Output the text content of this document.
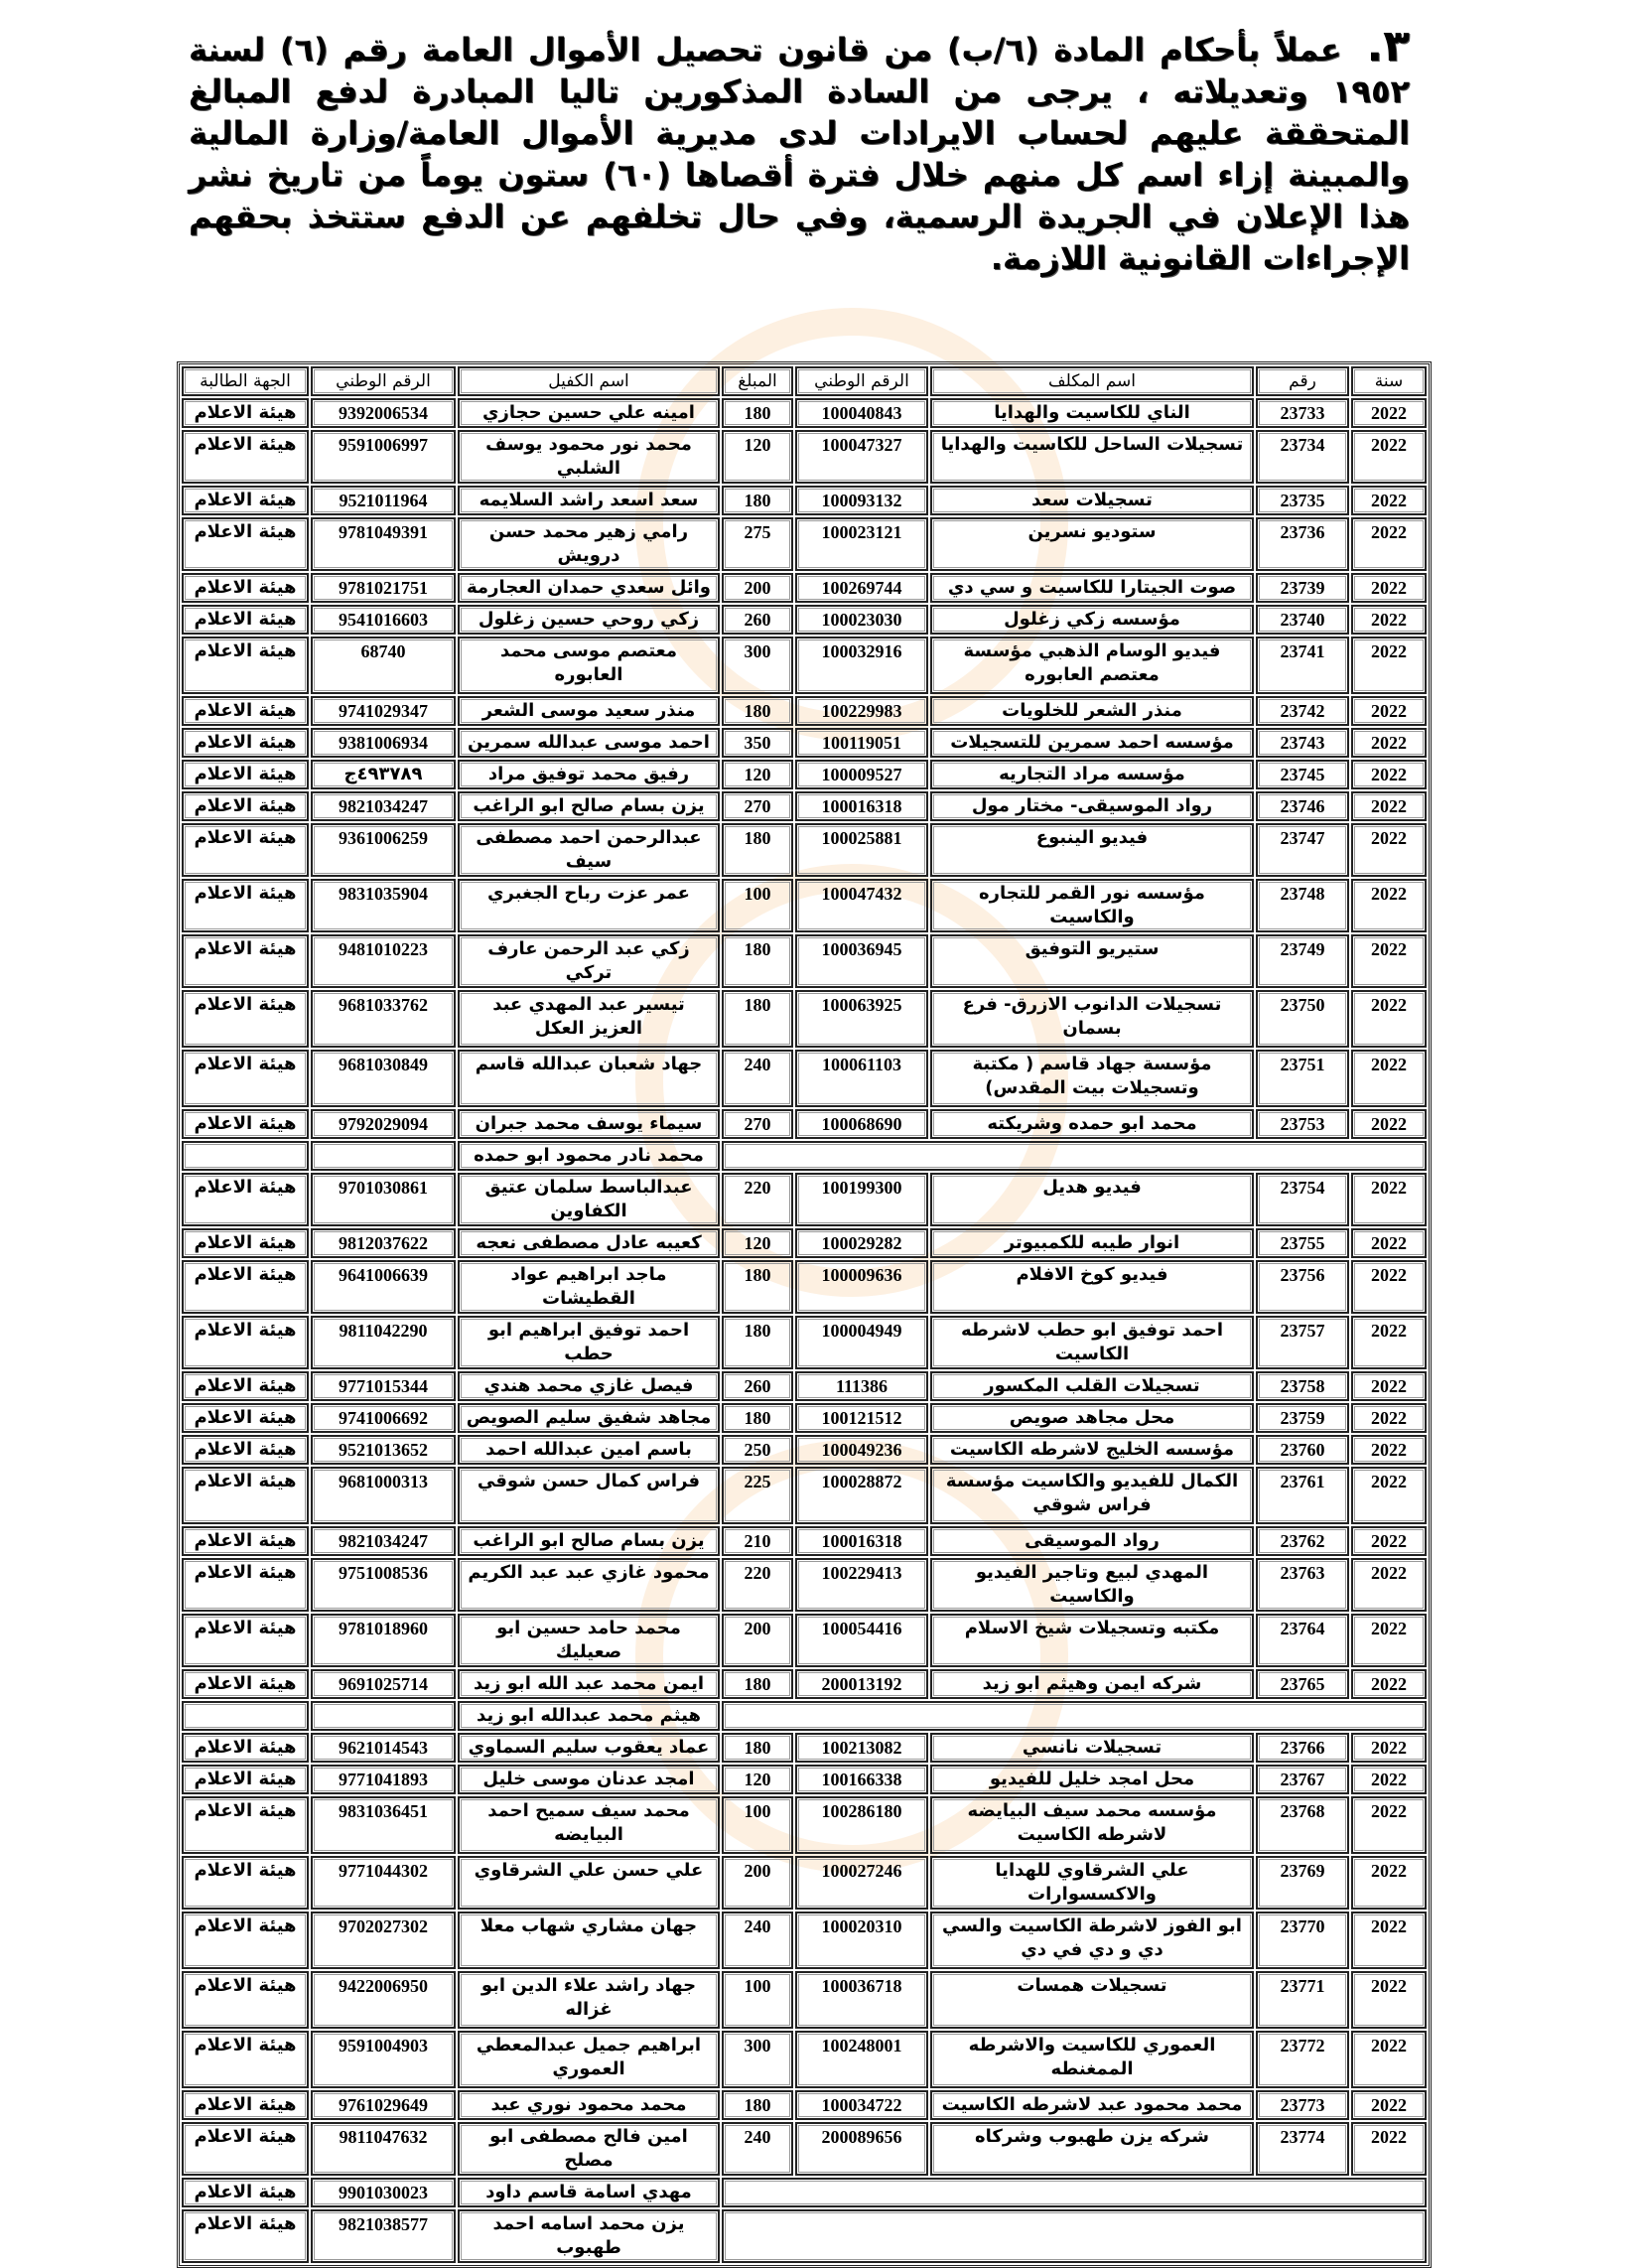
٣. عملاً بأحكام المادة (٦/ب) من قانون تحصيل الأموال العامة رقم (٦) لسنة ١٩٥٢ وتعديلاته ، يرجى من السادة المذكورين تاليا المبادرة لدفع المبالغ المتحققة عليهم لحساب الايرادات لدى مديرية الأموال العامة/وزارة المالية والمبينة إزاء اسم كل منهم خلال فترة أقصاها (٦٠) ستون يوماً من تاريخ نشر هذا الإعلان في الجريدة الرسمية، وفي حال تخلفهم عن الدفع ستتخذ بحقهم الإجراءات القانونية اللازمة.
سنة	رقم	اسم المكلف	الرقم الوطني	المبلغ	اسم الكفيل	الرقم الوطني	الجهة الطالبة
2022	23733	الناي للكاسيت والهدايا	100040843	180	امينه علي حسين حجازي	9392006534	هيئة الاعلام
2022	23734	تسجيلات الساحل للكاسيت والهدايا	100047327	120	محمد نور محمود يوسف الشلبي	9591006997	هيئة الاعلام
2022	23735	تسجيلات سعد	100093132	180	سعد اسعد راشد السلايمه	9521011964	هيئة الاعلام
2022	23736	ستوديو نسرين	100023121	275	رامي زهير محمد حسن درويش	9781049391	هيئة الاعلام
2022	23739	صوت الجيتارا للكاسيت و سي دي	100269744	200	وائل سعدي حمدان العجارمة	9781021751	هيئة الاعلام
2022	23740	مؤسسه زكي زغلول	100023030	260	زكي روحي حسين زغلول	9541016603	هيئة الاعلام
2022	23741	فيديو الوسام الذهبي مؤسسة معتصم العابوره	100032916	300	معتصم موسى محمد العابوره	68740	هيئة الاعلام
2022	23742	منذر الشعر للخلويات	100229983	180	منذر سعيد موسى الشعر	9741029347	هيئة الاعلام
2022	23743	مؤسسه احمد سمرين للتسجيلات	100119051	350	احمد موسى عبدالله سمرين	9381006934	هيئة الاعلام
2022	23745	مؤسسه مراد التجاريه	100009527	120	رفيق محمد توفيق مراد	٤٩٣٧٨٩ج	هيئة الاعلام
2022	23746	رواد الموسيقى- مختار مول	100016318	270	يزن بسام صالح ابو الراغب	9821034247	هيئة الاعلام
2022	23747	فيديو الينبوع	100025881	180	عبدالرحمن احمد مصطفى سيف	9361006259	هيئة الاعلام
2022	23748	مؤسسه نور القمر للتجاره والكاسيت	100047432	100	عمر عزت رباح الجغبري	9831035904	هيئة الاعلام
2022	23749	ستيريو التوفيق	100036945	180	زكي عبد الرحمن عارف تركي	9481010223	هيئة الاعلام
2022	23750	تسجيلات الدانوب الازرق- فرع بسمان	100063925	180	تيسير عبد المهدي عبد العزيز العكل	9681033762	هيئة الاعلام
2022	23751	مؤسسة جهاد قاسم ( مكتبة وتسجيلات بيت المقدس)	100061103	240	جهاد شعبان عبدالله قاسم	9681030849	هيئة الاعلام
2022	23753	محمد ابو حمده وشريكته	100068690	270	سيماء يوسف محمد جبران	9792029094	هيئة الاعلام
					محمد نادر محمود ابو حمده		
2022	23754	فيديو هديل	100199300	220	عبدالباسط سلمان عتيق الكفاوين	9701030861	هيئة الاعلام
2022	23755	انوار طيبه للكمبيوتر	100029282	120	كعيبه عادل مصطفى نعجه	9812037622	هيئة الاعلام
2022	23756	فيديو كوخ الافلام	100009636	180	ماجد ابراهيم عواد القطيشات	9641006639	هيئة الاعلام
2022	23757	احمد توفيق ابو حطب لاشرطه الكاسيت	100004949	180	احمد توفيق ابراهيم ابو حطب	9811042290	هيئة الاعلام
2022	23758	تسجيلات القلب المكسور	111386	260	فيصل غازي محمد هندي	9771015344	هيئة الاعلام
2022	23759	محل مجاهد صويص	100121512	180	مجاهد شفيق سليم الصويص	9741006692	هيئة الاعلام
2022	23760	مؤسسه الخليج لاشرطه الكاسيت	100049236	250	باسم امين عبدالله احمد	9521013652	هيئة الاعلام
2022	23761	الكمال للفيديو والكاسيت مؤسسة فراس شوقي	100028872	225	فراس كمال حسن شوقي	9681000313	هيئة الاعلام
2022	23762	رواد الموسيقى	100016318	210	يزن بسام صالح ابو الراغب	9821034247	هيئة الاعلام
2022	23763	المهدي لبيع وتاجير الفيديو والكاسيت	100229413	220	محمود غازي عبد عبد الكريم	9751008536	هيئة الاعلام
2022	23764	مكتبه وتسجيلات شيخ الاسلام	100054416	200	محمد حامد حسين ابو صعيليك	9781018960	هيئة الاعلام
2022	23765	شركه ايمن وهيثم ابو زيد	200013192	180	ايمن محمد عبد الله ابو زيد	9691025714	هيئة الاعلام
					هيثم محمد عبدالله ابو زيد		
2022	23766	تسجيلات نانسي	100213082	180	عماد يعقوب سليم السماوي	9621014543	هيئة الاعلام
2022	23767	محل امجد خليل للفيديو	100166338	120	امجد عدنان موسى خليل	9771041893	هيئة الاعلام
2022	23768	مؤسسه محمد سيف البيايضه لاشرطه الكاسيت	100286180	100	محمد سيف سميح احمد البيايضه	9831036451	هيئة الاعلام
2022	23769	علي الشرقاوي للهدايا والاكسسوارات	100027246	200	علي حسن علي الشرقاوي	9771044302	هيئة الاعلام
2022	23770	ابو الفوز لاشرطة الكاسيت والسي دي و دي في دي	100020310	240	جهان مشاري شهاب معلا	9702027302	هيئة الاعلام
2022	23771	تسجيلات همسات	100036718	100	جهاد راشد علاء الدين ابو غزاله	9422006950	هيئة الاعلام
2022	23772	العموري للكاسيت والاشرطه الممغنطه	100248001	300	ابراهيم جميل عبدالمعطي العموري	9591004903	هيئة الاعلام
2022	23773	محمد محمود عبد لاشرطه الكاسيت	100034722	180	محمد محمود نوري عبد	9761029649	هيئة الاعلام
2022	23774	شركه يزن طهبوب وشركاه	200089656	240	امين فالح مصطفى ابو مصلح	9811047632	هيئة الاعلام
					مهدي اسامة قاسم داود	9901030023	هيئة الاعلام
					يزن محمد اسامه احمد طهبوب	9821038577	هيئة الاعلام
